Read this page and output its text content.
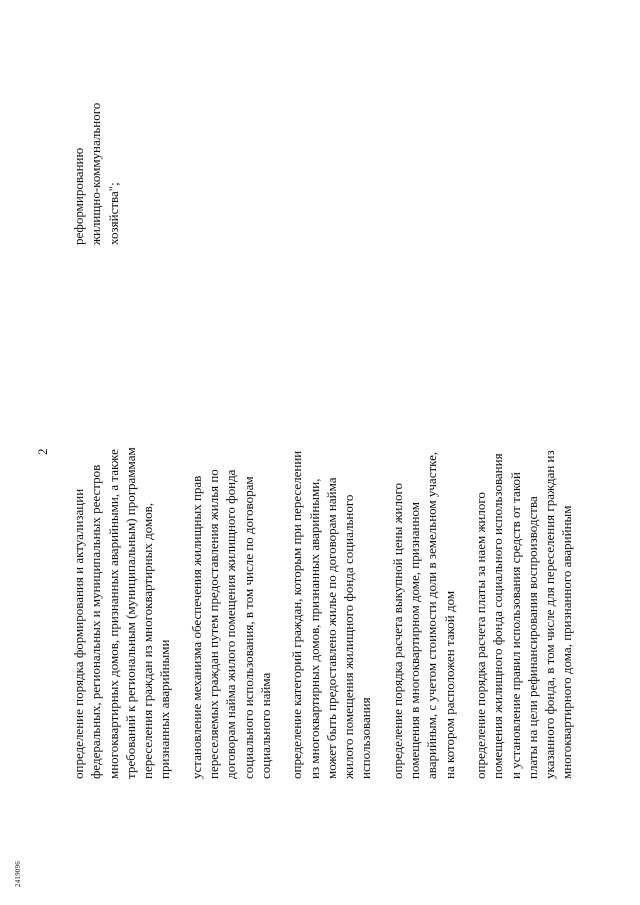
2
2419096

определение порядка формирования и актуализации федеральных, региональных и муниципальных реестров многоквартирных домов, признанных аварийными, а также требований к региональным (муниципальным) программам переселения граждан из многоквартирных домов, признанных аварийными установление механизма обеспечения жилищных прав переселяемых граждан путем предоставления жилья по договорам найма жилого помещения жилищного фонда социального использования, в том числе по договорам социального найма определение категорий граждан, которым при переселении из многоквартирных домов, признанных аварийными, может быть предоставлено жилье по договорам найма жилого помещения жилищного фонда социального использования определение порядка расчета выкупной цены жилого помещения в многоквартирном доме, признанном аварийным, с учетом стоимости доли в земельном участке, на котором расположен такой дом определение порядка расчета платы за наем жилого помещения жилищного фонда социального использования и установление правил использования средств от такой платы на цели рефинансирования воспроизводства указанного фонда, в том числе для переселения граждан из многоквартирного дома, признанного аварийным

реформированию жилищно-коммунального хозяйства";
